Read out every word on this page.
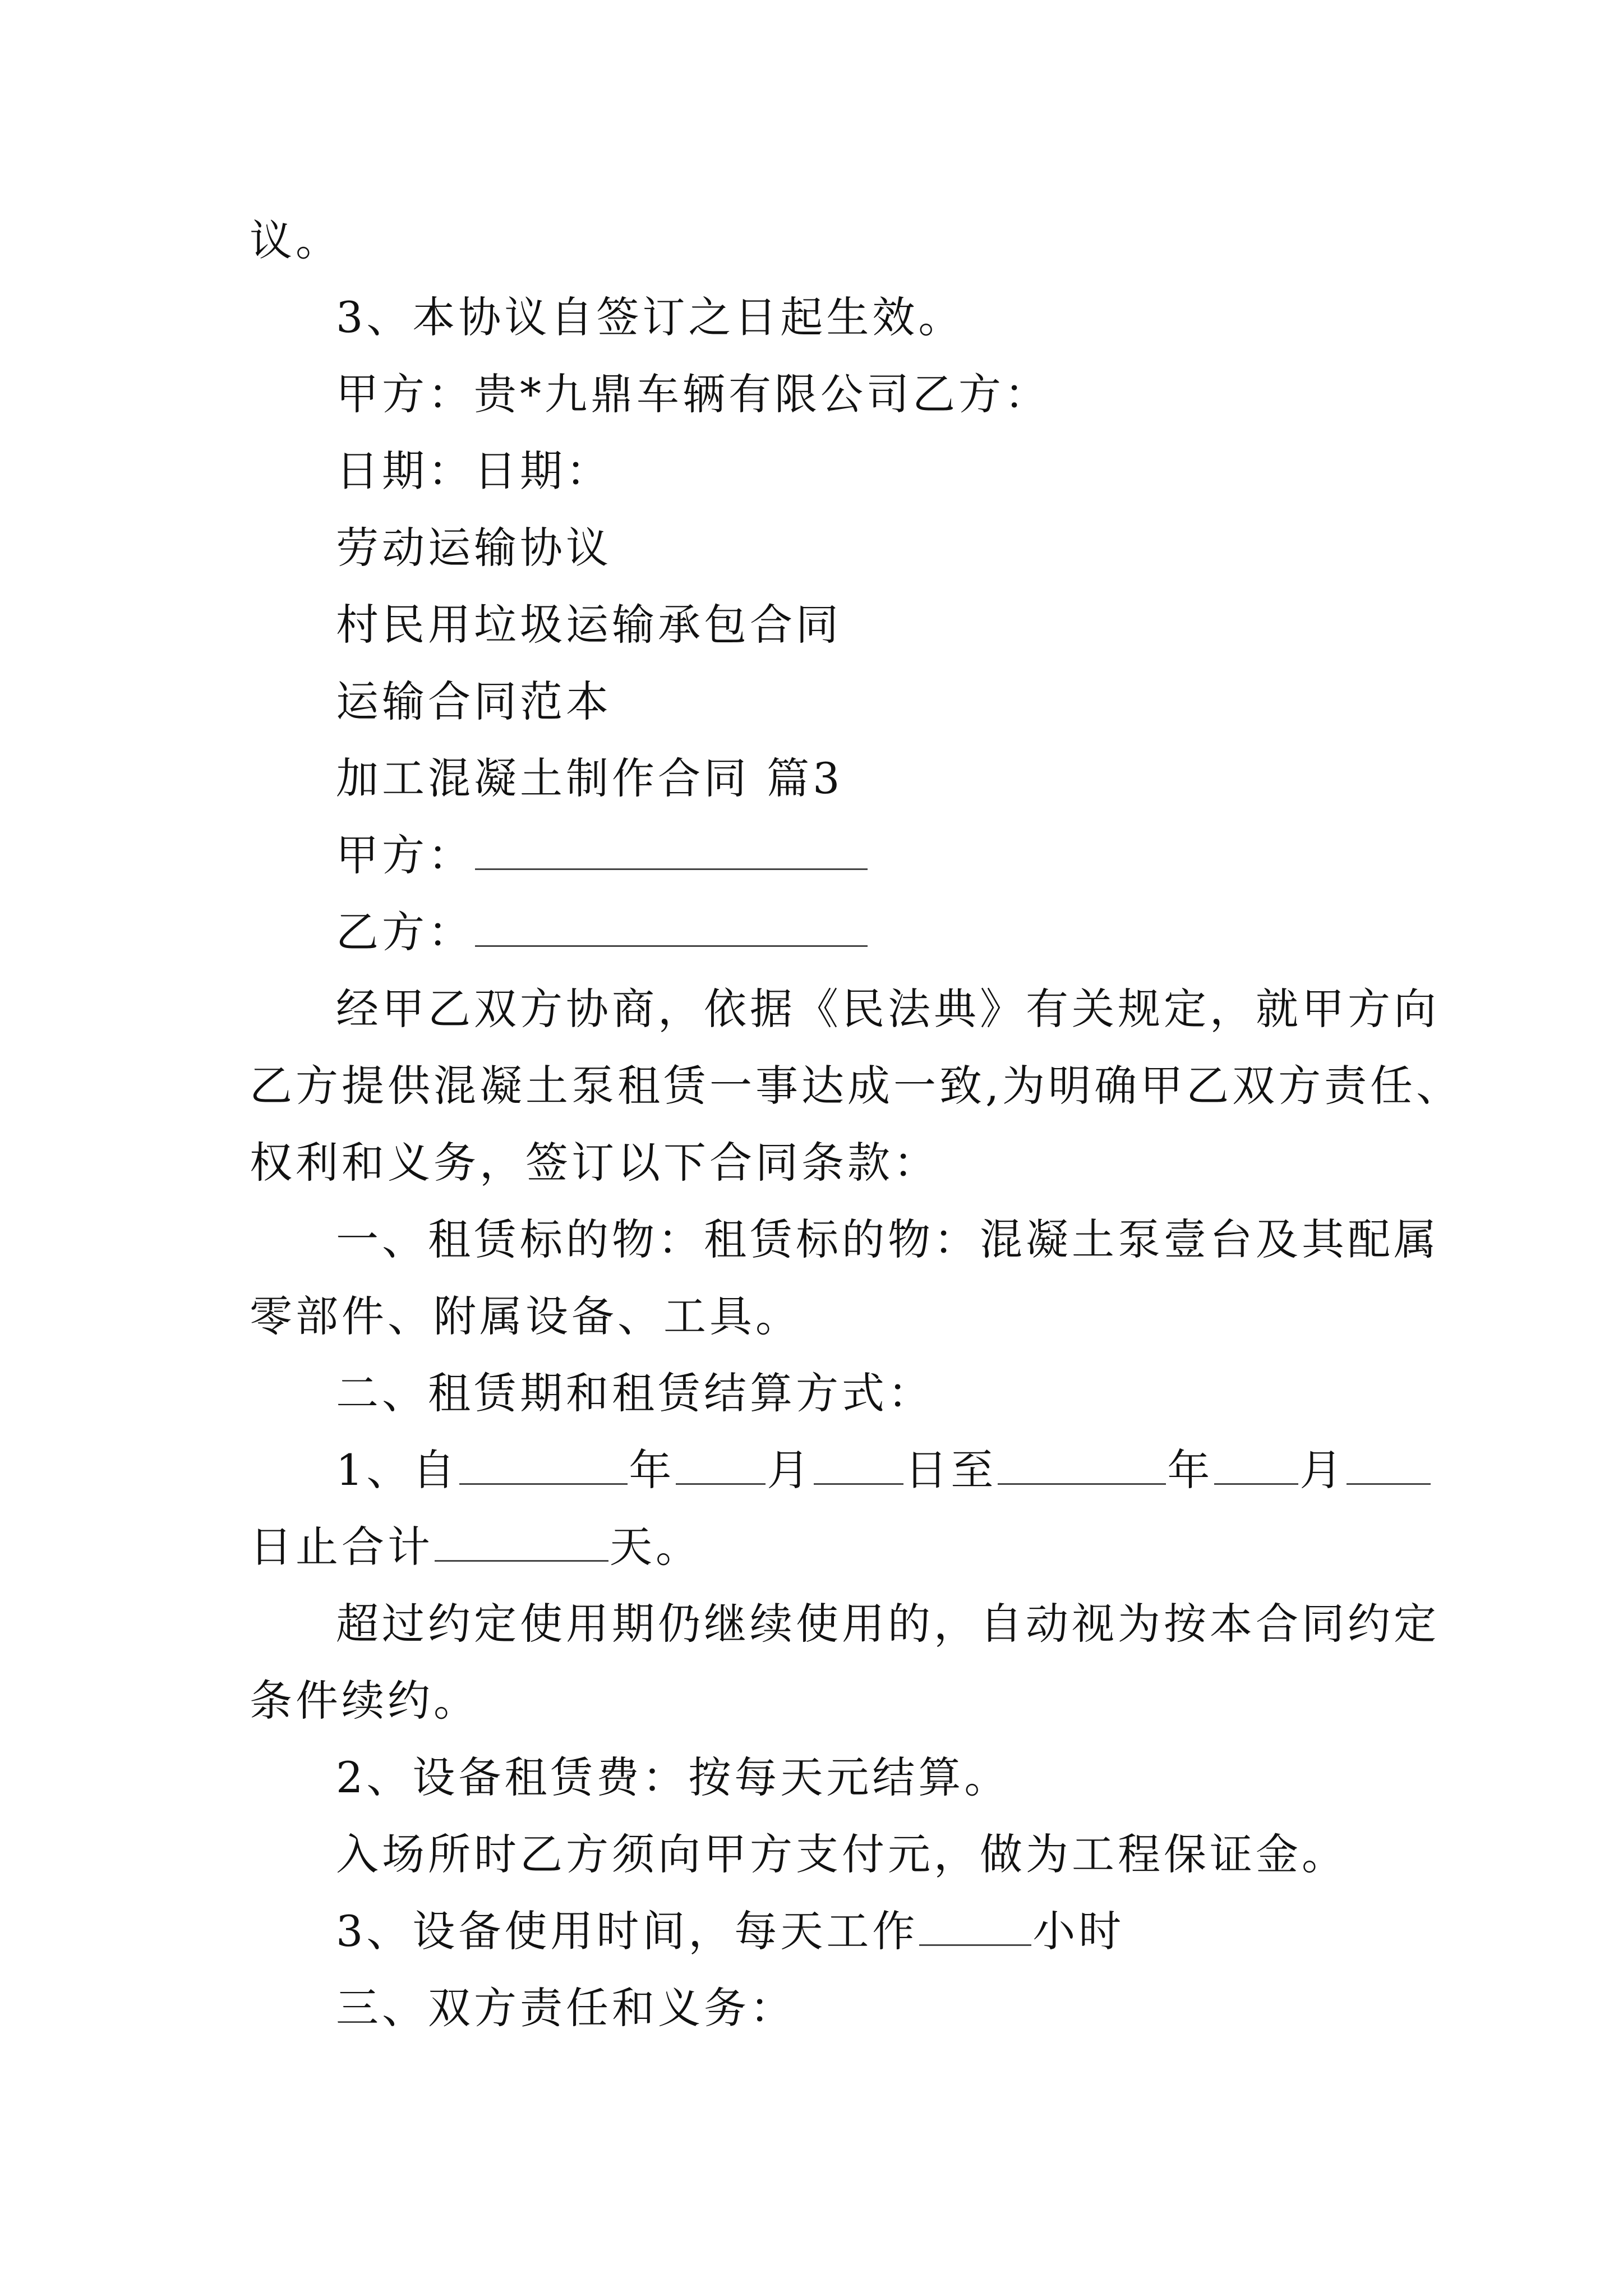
议。
3、本协议自签订之日起生效。
甲方：贵*九鼎车辆有限公司乙方：
日期：日期：
劳动运输协议
村民用垃圾运输承包合同
运输合同范本
加工混凝土制作合同 篇3
甲方：
乙方：
经甲乙双方协商，依据《民法典》有关规定，就甲方向
乙方提供混凝土泵租赁一事达成一致,为明确甲乙双方责任、
权利和义务，签订以下合同条款：
一、租赁标的物：租赁标的物：混凝土泵壹台及其配属
零部件、附属设备、工具。
二、租赁期和租赁结算方式：
1、自	年 月 日至	年 月
日止合计	天。
超过约定使用期仍继续使用的，自动视为按本合同约定
条件续约。
2、设备租赁费：按每天元结算。
入场所时乙方须向甲方支付元，做为工程保证金。
3、设备使用时间，每天工作	小时
三、双方责任和义务：
